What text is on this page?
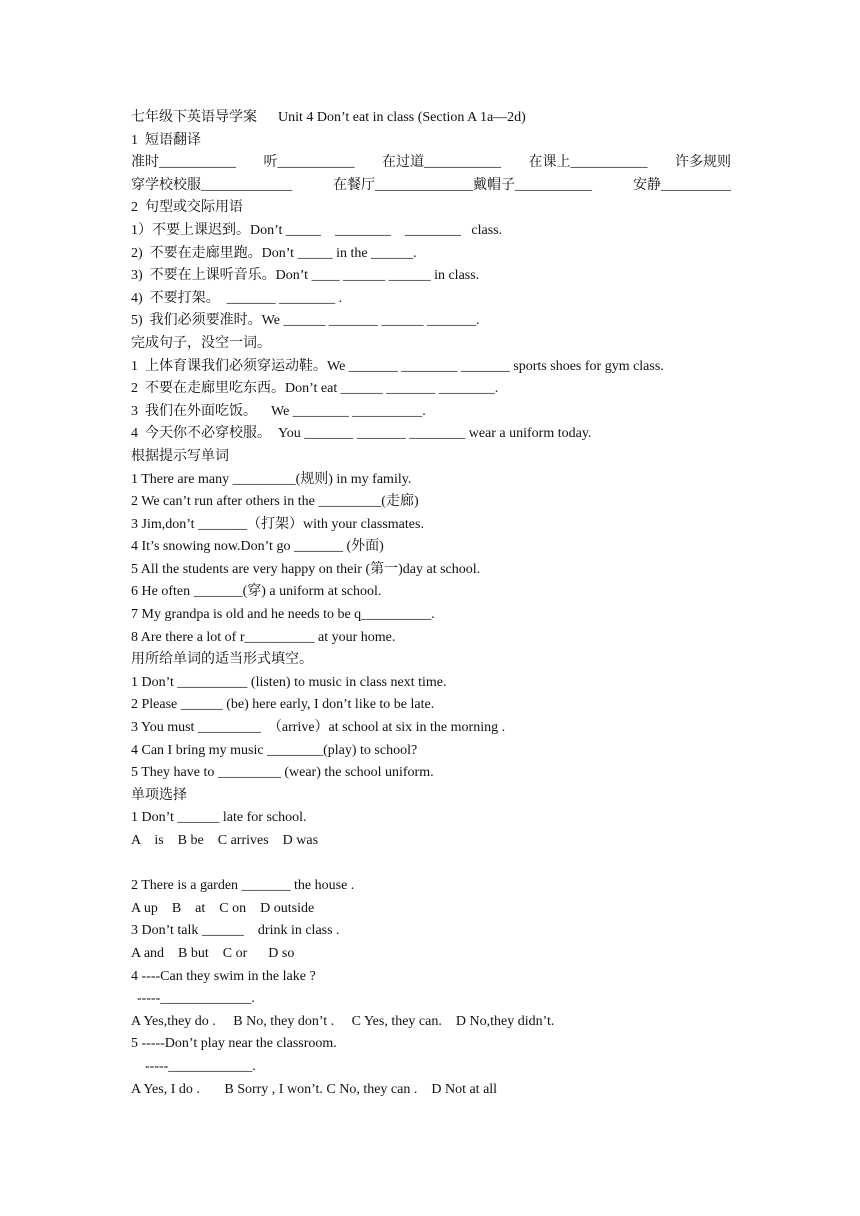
七年级下英语导学案 Unit 4 Don’t eat in class (Section A 1a—2d)
1  短语翻译
准时___________ 听___________ 在过道___________ 在课上___________ 许多规则
穿学校校服_____________	在餐厅______________戴帽子___________	安静__________
2  句型或交际用语
1）不要上课迟到。Don’t _____    ________    ________   class.
2)  不要在走廊里跑。Don’t _____ in the ______.
3)  不要在上课听音乐。Don’t ____ ______ ______ in class.
4)  不要打架。  _______ ________ .
5)  我们必须要准时。We ______ _______ ______ _______.
完成句子，没空一词。
1  上体育课我们必须穿运动鞋。We _______ ________ _______ sports shoes for gym class.
2  不要在走廊里吃东西。Don’t eat ______ _______ ________.
3  我们在外面吃饭。    We ________ __________.
4  今天你不必穿校服。  You _______ _______ ________ wear a uniform today.
根据提示写单词
1 There are many _________(规则) in my family.
2 We can’t run after others in the _________(走廊)
3 Jim,don’t _______（打架）with your classmates.
4 It’s snowing now.Don’t go _______ (外面)
5 All the students are very happy on their (第一)day at school.
6 He often _______(穿) a uniform at school.
7 My grandpa is old and he needs to be q__________.
8 Are there a lot of r__________ at your home.
用所给单词的适当形式填空。
1 Don’t __________ (listen) to music in class next time.
2 Please ______ (be) here early, I don’t like to be late.
3 You must _________  （arrive）at school at six in the morning .
4 Can I bring my music ________(play) to school?
5 They have to _________ (wear) the school uniform.
单项选择
1 Don’t ______ late for school.
A    is    B be    C arrives    D was
2 There is a garden _______ the house .
A up    B    at    C on    D outside
3 Don’t talk ______    drink in class .
A and    B but    C or      D so
4 ----Can they swim in the lake ?
-----_____________.
A Yes,they do .     B No, they don’t .     C Yes, they can.    D No,they didn’t.
5 -----Don’t play near the classroom.
-----____________.
A Yes, I do .       B Sorry , I won’t. C No, they can .    D Not at all
